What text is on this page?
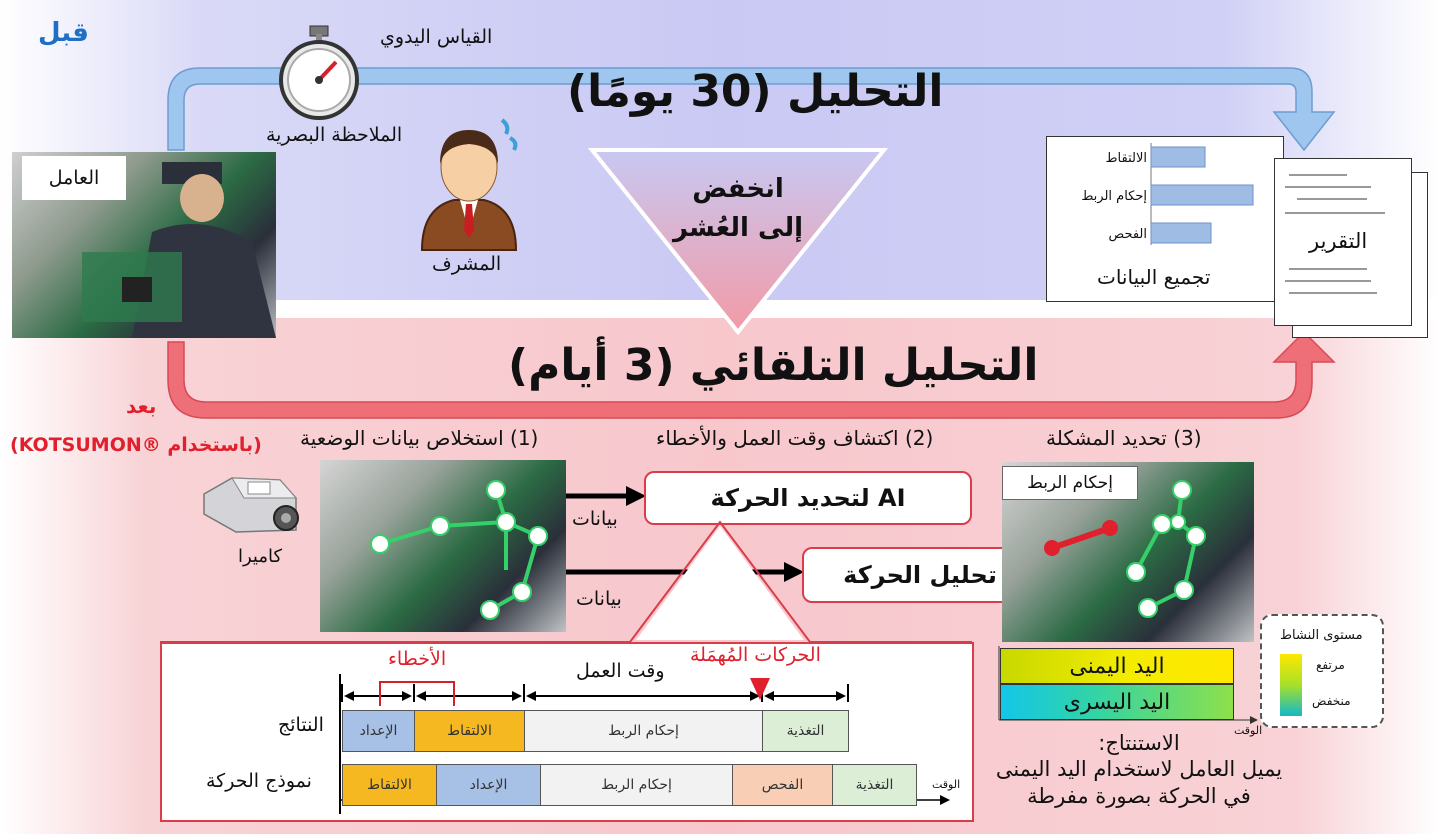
قبل	القياس اليدوي
التحليل (30 يومًا)
الملاحظة البصرية
المشرف
العامل	انخفض
إلى العُشر
الالتقاط
إحكام الربط
الفحص
تجميع البيانات
التقرير
التحليل التلقائي (3 أيام)
بعد
(باستخدام ®KOTSUMON) (1) استخلاص بيانات الوضعية	(2) اكتشاف وقت العمل والأخطاء	(3) تحديد المشكلة
كاميرا
بيانات
بيانات
AI لتحديد الحركة
تحليل الحركة
إحكام الربط
اليد اليمنى
اليد اليسرى
الوقت
مستوى النشاط
مرتفع
منخفض
الاستنتاج:
يميل العامل لاستخدام اليد اليمنى
في الحركة بصورة مفرطة
الأخطاء	الحركات المُهمَلة
وقت العمل
النتائج
نموذج الحركة	الوقت
الإعداد	الالتقاط	إحكام الربط	التغذية
الالتقاط	الإعداد	إحكام الربط	الفحص	التغذية
